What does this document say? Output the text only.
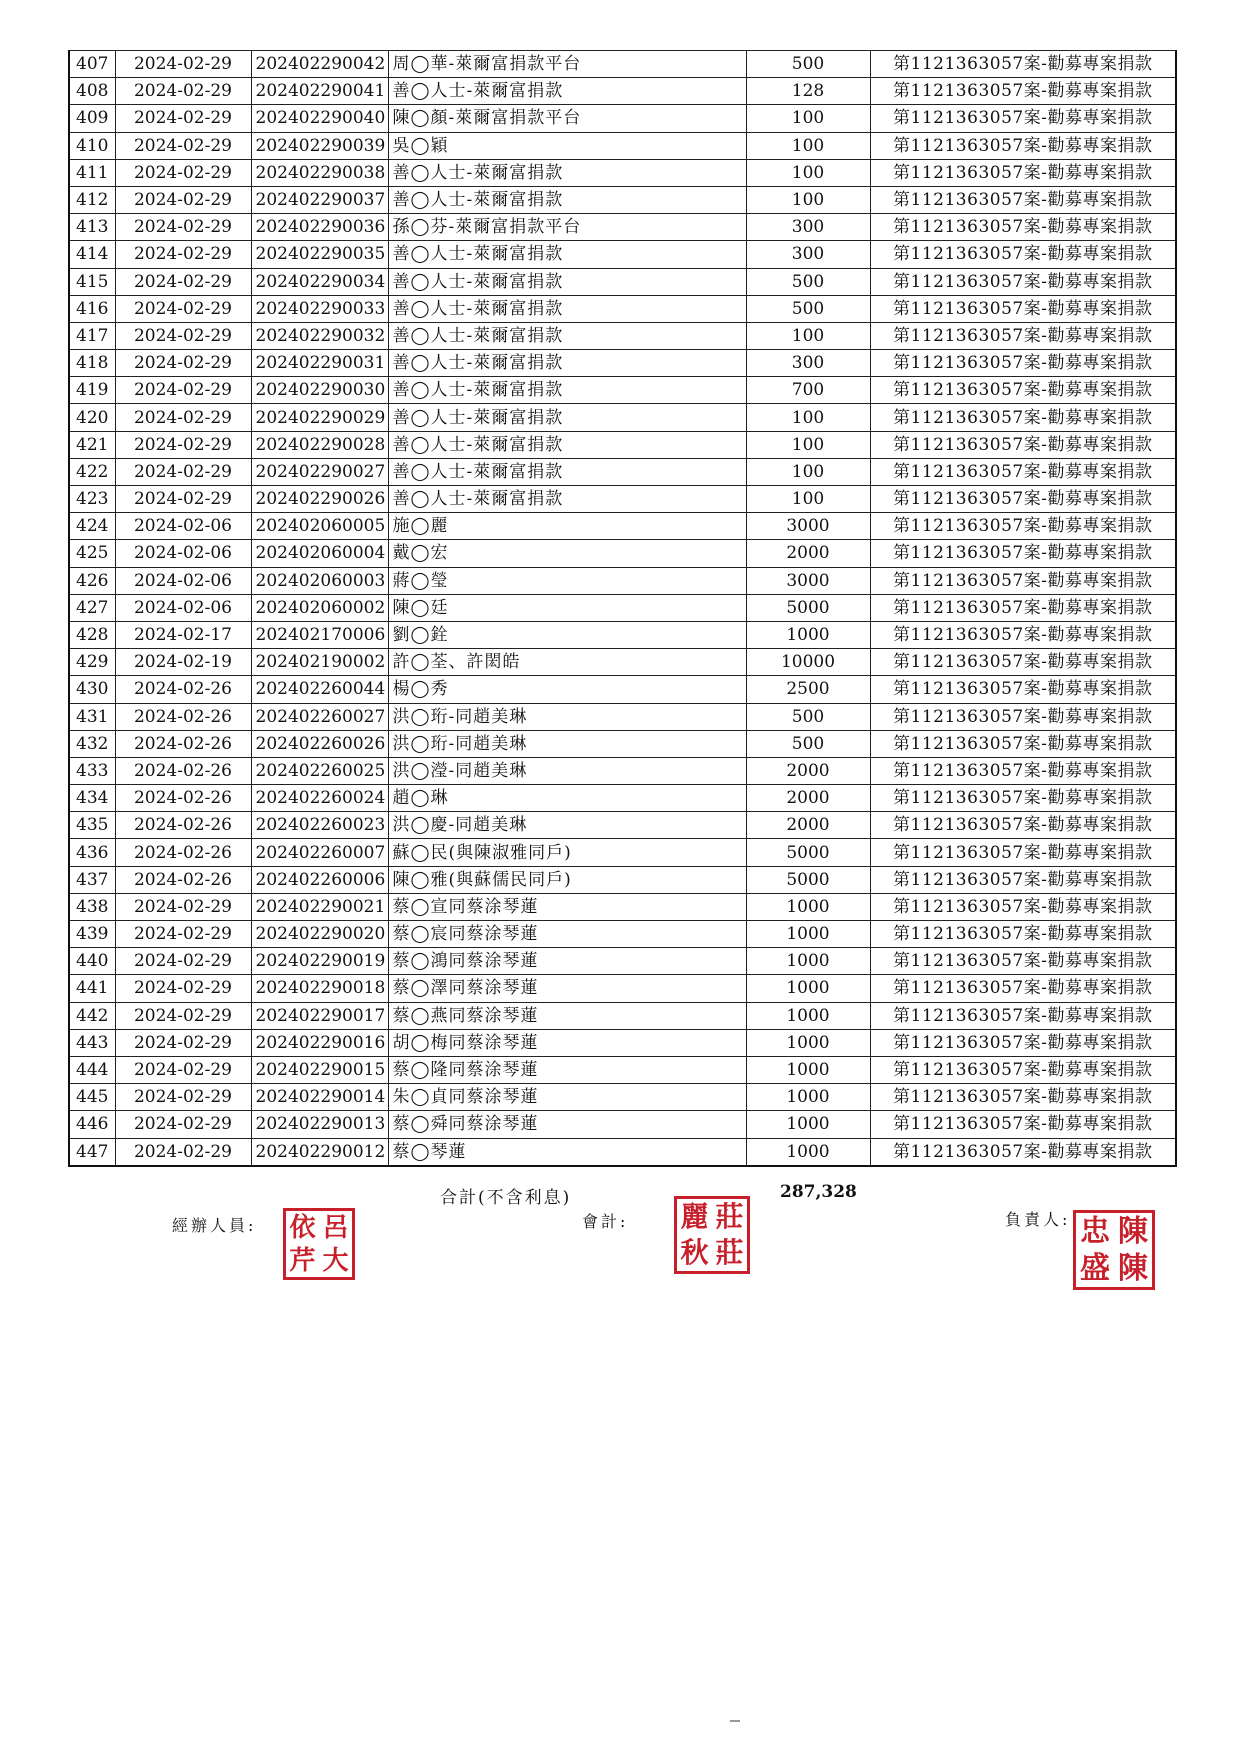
407	2024-02-29	202402290042	周◯華-萊爾富捐款平台	500	第1121363057案-勸募專案捐款
408	2024-02-29	202402290041	善◯人士-萊爾富捐款	128	第1121363057案-勸募專案捐款
409	2024-02-29	202402290040	陳◯顏-萊爾富捐款平台	100	第1121363057案-勸募專案捐款
410	2024-02-29	202402290039	吳◯穎	100	第1121363057案-勸募專案捐款
411	2024-02-29	202402290038	善◯人士-萊爾富捐款	100	第1121363057案-勸募專案捐款
412	2024-02-29	202402290037	善◯人士-萊爾富捐款	100	第1121363057案-勸募專案捐款
413	2024-02-29	202402290036	孫◯芬-萊爾富捐款平台	300	第1121363057案-勸募專案捐款
414	2024-02-29	202402290035	善◯人士-萊爾富捐款	300	第1121363057案-勸募專案捐款
415	2024-02-29	202402290034	善◯人士-萊爾富捐款	500	第1121363057案-勸募專案捐款
416	2024-02-29	202402290033	善◯人士-萊爾富捐款	500	第1121363057案-勸募專案捐款
417	2024-02-29	202402290032	善◯人士-萊爾富捐款	100	第1121363057案-勸募專案捐款
418	2024-02-29	202402290031	善◯人士-萊爾富捐款	300	第1121363057案-勸募專案捐款
419	2024-02-29	202402290030	善◯人士-萊爾富捐款	700	第1121363057案-勸募專案捐款
420	2024-02-29	202402290029	善◯人士-萊爾富捐款	100	第1121363057案-勸募專案捐款
421	2024-02-29	202402290028	善◯人士-萊爾富捐款	100	第1121363057案-勸募專案捐款
422	2024-02-29	202402290027	善◯人士-萊爾富捐款	100	第1121363057案-勸募專案捐款
423	2024-02-29	202402290026	善◯人士-萊爾富捐款	100	第1121363057案-勸募專案捐款
424	2024-02-06	202402060005	施◯麗	3000	第1121363057案-勸募專案捐款
425	2024-02-06	202402060004	戴◯宏	2000	第1121363057案-勸募專案捐款
426	2024-02-06	202402060003	蔣◯瑩	3000	第1121363057案-勸募專案捐款
427	2024-02-06	202402060002	陳◯廷	5000	第1121363057案-勸募專案捐款
428	2024-02-17	202402170006	劉◯銓	1000	第1121363057案-勸募專案捐款
429	2024-02-19	202402190002	許◯荃、許閎皓	10000	第1121363057案-勸募專案捐款
430	2024-02-26	202402260044	楊◯秀	2500	第1121363057案-勸募專案捐款
431	2024-02-26	202402260027	洪◯珩-同趙美琳	500	第1121363057案-勸募專案捐款
432	2024-02-26	202402260026	洪◯珩-同趙美琳	500	第1121363057案-勸募專案捐款
433	2024-02-26	202402260025	洪◯瀅-同趙美琳	2000	第1121363057案-勸募專案捐款
434	2024-02-26	202402260024	趙◯琳	2000	第1121363057案-勸募專案捐款
435	2024-02-26	202402260023	洪◯慶-同趙美琳	2000	第1121363057案-勸募專案捐款
436	2024-02-26	202402260007	蘇◯民(與陳淑雅同戶)	5000	第1121363057案-勸募專案捐款
437	2024-02-26	202402260006	陳◯雅(與蘇儒民同戶)	5000	第1121363057案-勸募專案捐款
438	2024-02-29	202402290021	蔡◯宣同蔡涂琴蓮	1000	第1121363057案-勸募專案捐款
439	2024-02-29	202402290020	蔡◯宸同蔡涂琴蓮	1000	第1121363057案-勸募專案捐款
440	2024-02-29	202402290019	蔡◯鴻同蔡涂琴蓮	1000	第1121363057案-勸募專案捐款
441	2024-02-29	202402290018	蔡◯澤同蔡涂琴蓮	1000	第1121363057案-勸募專案捐款
442	2024-02-29	202402290017	蔡◯燕同蔡涂琴蓮	1000	第1121363057案-勸募專案捐款
443	2024-02-29	202402290016	胡◯梅同蔡涂琴蓮	1000	第1121363057案-勸募專案捐款
444	2024-02-29	202402290015	蔡◯隆同蔡涂琴蓮	1000	第1121363057案-勸募專案捐款
445	2024-02-29	202402290014	朱◯貞同蔡涂琴蓮	1000	第1121363057案-勸募專案捐款
446	2024-02-29	202402290013	蔡◯舜同蔡涂琴蓮	1000	第1121363057案-勸募專案捐款
447	2024-02-29	202402290012	蔡◯琴蓮	1000	第1121363057案-勸募專案捐款
合計(不含利息)	287,328
經辦人員: 依 呂
芹 大
會計: 麗 莊
秋 莊
負責人: 忠 陳
盛 陳
